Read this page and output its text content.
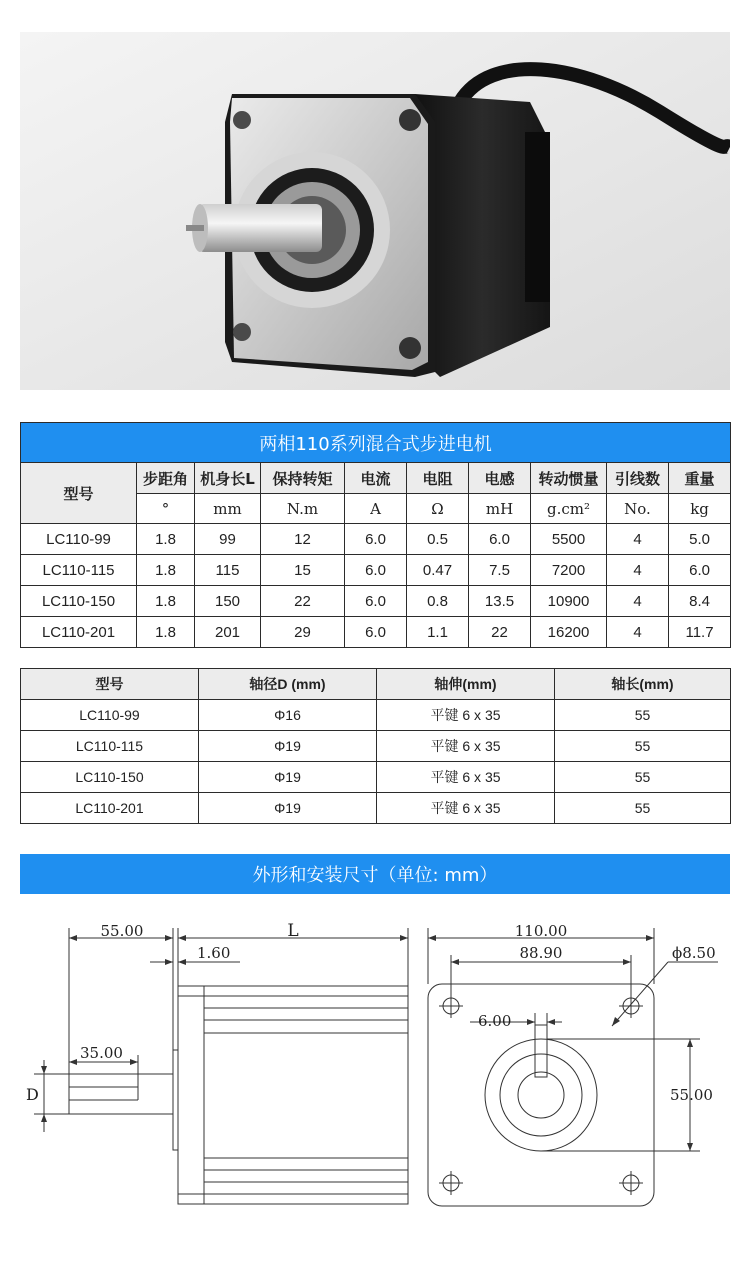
两相110系列混合式步进电机									
型号	步距角	机身长L	保持转矩	电流	电阻	电感	转动惯量	引线数	重量
	°	mm	N.m	A	Ω	mH	g.cm²	No.	kg
LC110-99	1.8	99	12	6.0	0.5	6.0	5500	4	5.0
LC110-115	1.8	115	15	6.0	0.47	7.5	7200	4	6.0
LC110-150	1.8	150	22	6.0	0.8	13.5	10900	4	8.4
LC110-201	1.8	201	29	6.0	1.1	22	16200	4	11.7
型号	轴径D (mm)	轴伸(mm)	轴长(mm)
LC110-99	Φ16	平键 6 x 35	55
LC110-115	Φ19	平键 6 x 35	55
LC110-150	Φ19	平键 6 x 35	55
LC110-201	Φ19	平键 6 x 35	55
外形和安装尺寸（单位: mm）
55.00	L
1.60
35.00
D
110.00
88.90	ϕ8.50
6.00
55.00
